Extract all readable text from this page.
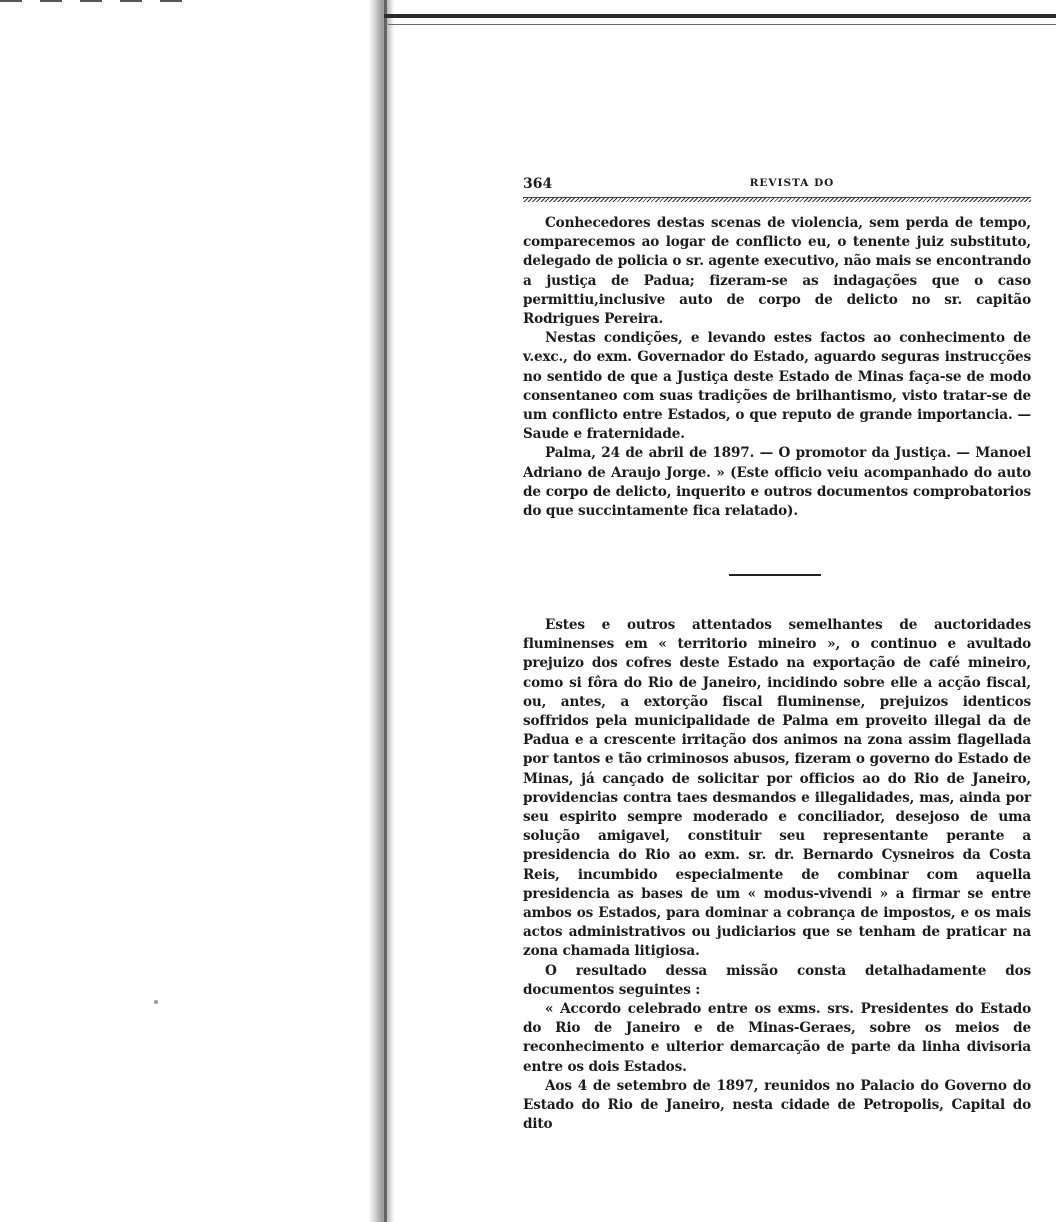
364	REVISTA DO

Conhecedores destas scenas de violencia, sem perda de tempo, comparecemos ao logar de conflicto eu, o tenente juiz substituto, delegado de policia o sr. agente executivo, não mais se encontrando a justiça de Padua; fizeram-se as indagações que o caso permittiu,inclusive auto de corpo de delicto no sr. capitão Rodrigues Pereira.

Nestas condições, e levando estes factos ao conhecimento de v.exc., do exm. Governador do Estado, aguardo seguras instrucções no sentido de que a Justiça deste Estado de Minas faça-se de modo consentaneo com suas tradições de brilhantismo, visto tratar-se de um conflicto entre Estados, o que reputo de grande importancia. — Saude e fraternidade.

Palma, 24 de abril de 1897. — O promotor da Justiça. — Manoel Adriano de Araujo Jorge. » (Este officio veiu acompanhado do auto de corpo de delicto, inquerito e outros documentos comprobatorios do que succintamente fica relatado).

Estes e outros attentados semelhantes de auctoridades fluminenses em « territorio mineiro », o continuo e avultado prejuizo dos cofres deste Estado na exportação de café mineiro, como si fôra do Rio de Janeiro, incidindo sobre elle a acção fiscal, ou, antes, a extorção fiscal fluminense, prejuizos identicos soffridos pela municipalidade de Palma em proveito illegal da de Padua e a crescente irritação dos animos na zona assim flagellada por tantos e tão criminosos abusos, fizeram o governo do Estado de Minas, já cançado de solicitar por officios ao do Rio de Janeiro, providencias contra taes desmandos e illegalidades, mas, ainda por seu espirito sempre moderado e conciliador, desejoso de uma solução amigavel, constituir seu representante perante a presidencia do Rio ao exm. sr. dr. Bernardo Cysneiros da Costa Reis, incumbido especialmente de combinar com aquella presidencia as bases de um « modus-vivendi » a firmar se entre ambos os Estados, para dominar a cobrança de impostos, e os mais actos administrativos ou judiciarios que se tenham de praticar na zona chamada litigiosa.

O resultado dessa missão consta detalhadamente dos documentos seguintes :

« Accordo celebrado entre os exms. srs. Presidentes do Estado do Rio de Janeiro e de Minas-Geraes, sobre os meios de reconhecimento e ulterior demarcação de parte da linha divisoria entre os dois Estados.

Aos 4 de setembro de 1897, reunidos no Palacio do Governo do Estado do Rio de Janeiro, nesta cidade de Petropolis, Capital do dito
